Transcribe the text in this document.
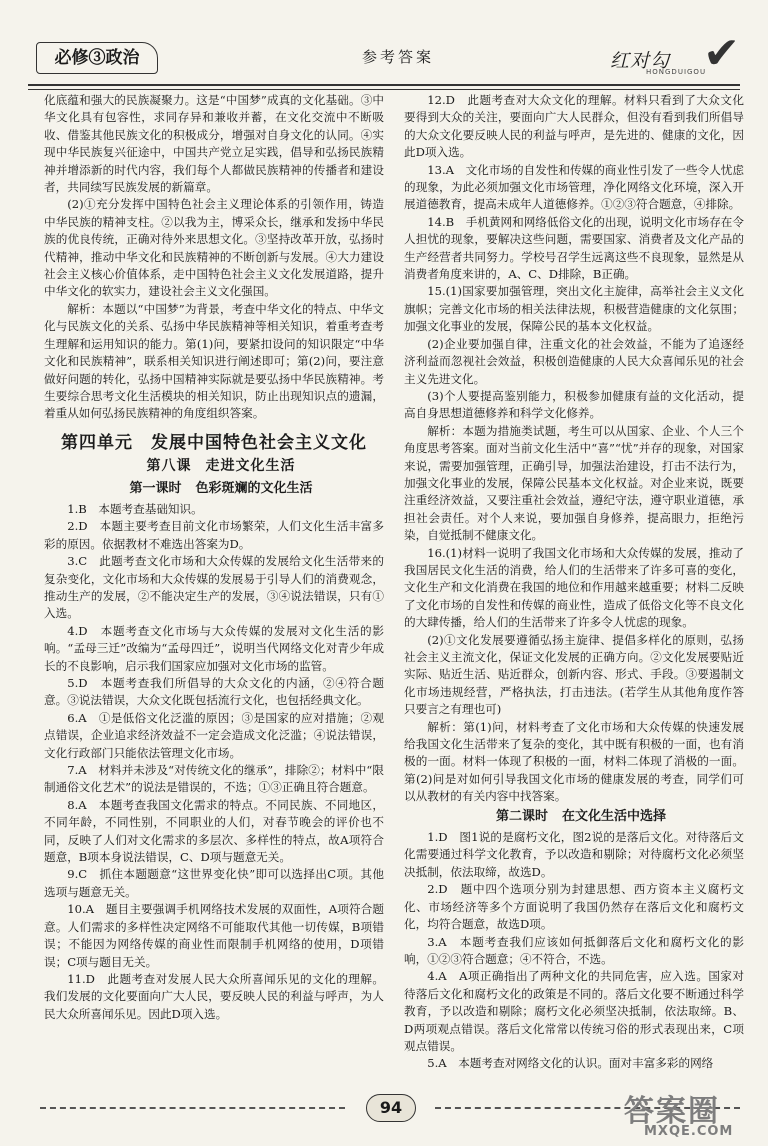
必修③政治	参考答案	红对勾
HONGDUIGOU
✔

化底蕴和强大的民族凝聚力。这是“中国梦”成真的文化基础。③中华文化具有包容性，求同存异和兼收并蓄，在文化交流中不断吸收、借鉴其他民族文化的积极成分，增强对自身文化的认同。④实现中华民族复兴征途中，中国共产党立足实践，倡导和弘扬民族精神并增添新的时代内容，我们每个人都做民族精神的传播者和建设者，共同续写民族发展的新篇章。

(2)①充分发挥中国特色社会主义理论体系的引领作用，铸造中华民族的精神支柱。②以我为主，博采众长，继承和发扬中华民族的优良传统，正确对待外来思想文化。③坚持改革开放，弘扬时代精神，推动中华文化和民族精神的不断创新与发展。④大力建设社会主义核心价值体系，走中国特色社会主义文化发展道路，提升中华文化的软实力，建设社会主义文化强国。

解析：本题以“中国梦”为背景，考查中华文化的特点、中华文化与民族文化的关系、弘扬中华民族精神等相关知识，着重考查考生理解和运用知识的能力。第(1)问，要紧扣设问的知识限定“中华文化和民族精神”，联系相关知识进行阐述即可；第(2)问，要注意做好问题的转化，弘扬中国精神实际就是要弘扬中华民族精神。考生要综合思考文化生活模块的相关知识，防止出现知识点的遗漏，着重从如何弘扬民族精神的角度组织答案。

第四单元　发展中国特色社会主义文化
第八课 走进文化生活
第一课时 色彩斑斓的文化生活

1.B　本题考查基础知识。

2.D　本题主要考查目前文化市场繁荣，人们文化生活丰富多彩的原因。依据教材不难选出答案为D。

3.C　此题考查文化市场和大众传媒的发展给文化生活带来的复杂变化，文化市场和大众传媒的发展易于引导人们的消费观念，推动生产的发展，②不能决定生产的发展，③④说法错误，只有①入选。

4.D　本题考查文化市场与大众传媒的发展对文化生活的影响。“孟母三迁”改编为“孟母四迁”，说明当代网络文化对青少年成长的不良影响，启示我们国家应加强对文化市场的监管。

5.D　本题考查我们所倡导的大众文化的内涵，②④符合题意。③说法错误，大众文化既包括流行文化，也包括经典文化。

6.A　①是低俗文化泛滥的原因；③是国家的应对措施；②观点错误，企业追求经济效益不一定会造成文化泛滥；④说法错误，文化行政部门只能依法管理文化市场。

7.A　材料并未涉及“对传统文化的继承”，排除②；材料中“限制通俗文化艺术”的说法是错误的，不选；①③正确且符合题意。

8.A　本题考查我国文化需求的特点。不同民族、不同地区，不同年龄，不同性别，不同职业的人们，对春节晚会的评价也不同，反映了人们对文化需求的多层次、多样性的特点，故A项符合题意，B项本身说法错误，C、D项与题意无关。

9.C　抓住本题题意“这世界变化快”即可以选择出C项。其他选项与题意无关。

10.A　题目主要强调手机网络技术发展的双面性，A项符合题意。人们需求的多样性决定网络不可能取代其他一切传媒，B项错误；不能因为网络传媒的商业性而限制手机网络的使用，D项错误；C项与题目无关。

11.D　此题考查对发展人民大众所喜闻乐见的文化的理解。我们发展的文化要面向广大人民，要反映人民的利益与呼声，为人民大众所喜闻乐见。因此D项入选。

12.D　此题考查对大众文化的理解。材料只看到了大众文化要得到大众的关注，要面向广大人民群众，但没有看到我们所倡导的大众文化要反映人民的利益与呼声，是先进的、健康的文化，因此D项入选。

13.A　文化市场的自发性和传媒的商业性引发了一些令人忧虑的现象，为此必须加强文化市场管理，净化网络文化环境，深入开展道德教育，提高未成年人道德修养。①②③符合题意，④排除。

14.B　手机黄网和网络低俗文化的出现，说明文化市场存在令人担忧的现象，要解决这些问题，需要国家、消费者及文化产品的生产经营者共同努力。学校号召学生远离这些不良现象，显然是从消费者角度来讲的，A、C、D排除，B正确。

15.(1)国家要加强管理，突出文化主旋律，高举社会主义文化旗帜；完善文化市场的相关法律法规，积极营造健康的文化氛围；加强文化事业的发展，保障公民的基本文化权益。

(2)企业要加强自律，注重文化的社会效益，不能为了追逐经济利益而忽视社会效益，积极创造健康的人民大众喜闻乐见的社会主义先进文化。

(3)个人要提高鉴别能力，积极参加健康有益的文化活动，提高自身思想道德修养和科学文化修养。

解析：本题为措施类试题，考生可以从国家、企业、个人三个角度思考答案。面对当前文化生活中“喜”“忧”并存的现象，对国家来说，需要加强管理，正确引导，加强法治建设，打击不法行为，加强文化事业的发展，保障公民基本文化权益。对企业来说，既要注重经济效益，又要注重社会效益，遵纪守法，遵守职业道德，承担社会责任。对个人来说，要加强自身修养，提高眼力，拒绝污染，自觉抵制不健康文化。

16.(1)材料一说明了我国文化市场和大众传媒的发展，推动了我国居民文化生活的消费，给人们的生活带来了许多可喜的变化，文化生产和文化消费在我国的地位和作用越来越重要；材料二反映了文化市场的自发性和传媒的商业性，造成了低俗文化等不良文化的大肆传播，给人们的生活带来了许多令人忧虑的现象。

(2)①文化发展要遵循弘扬主旋律、提倡多样化的原则，弘扬社会主义主流文化，保证文化发展的正确方向。②文化发展要贴近实际、贴近生活、贴近群众，创新内容、形式、手段。③要遏制文化市场违规经营，严格执法，打击违法。(若学生从其他角度作答只要言之有理也可)

解析：第(1)问，材料考查了文化市场和大众传媒的快速发展给我国文化生活带来了复杂的变化，其中既有积极的一面，也有消极的一面。材料一体现了积极的一面，材料二体现了消极的一面。第(2)问是对如何引导我国文化市场的健康发展的考查，同学们可以从教材的有关内容中找答案。

第二课时 在文化生活中选择

1.D　图1说的是腐朽文化，图2说的是落后文化。对待落后文化需要通过科学文化教育，予以改造和剔除；对待腐朽文化必须坚决抵制，依法取缔，故选D。

2.D　题中四个选项分别为封建思想、西方资本主义腐朽文化、市场经济等多个方面说明了我国仍然存在落后文化和腐朽文化，均符合题意，故选D项。

3.A　本题考查我们应该如何抵御落后文化和腐朽文化的影响，①②③符合题意；④不符合，不选。

4.A　A项正确指出了两种文化的共同危害，应入选。国家对待落后文化和腐朽文化的政策是不同的。落后文化要不断通过科学教育，予以改造和剔除；腐朽文化必须坚决抵制，依法取缔。B、D两项观点错误。落后文化常常以传统习俗的形式表现出来，C项观点错误。

5.A　本题考查对网络文化的认识。面对丰富多彩的网络

94	答案圈
MXQE.COM
